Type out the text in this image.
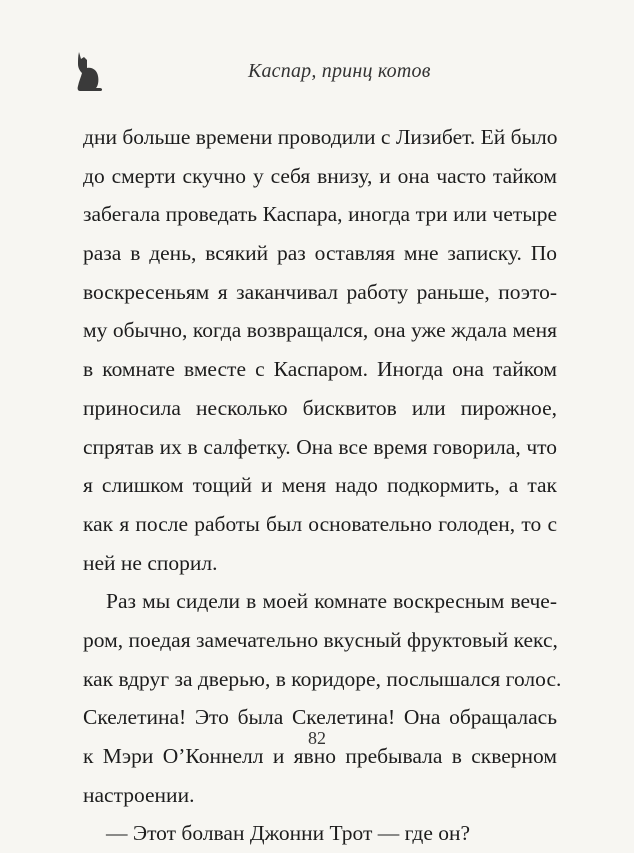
Каспар, принц котов
дни больше времени проводили с Лизибет. Ей было
до смерти скучно у себя внизу, и она часто тайком
забегала проведать Каспара, иногда три или четыре
раза в день, всякий раз оставляя мне записку. По
воскресеньям я заканчивал работу раньше, поэто-
му обычно, когда возвращался, она уже ждала меня
в комнате вместе с Каспаром. Иногда она тайком
приносила несколько бисквитов или пирожное,
спрятав их в салфетку. Она все время говорила, что
я слишком тощий и меня надо подкормить, а так
как я после работы был основательно голоден, то с
ней не спорил.
Раз мы сидели в моей комнате воскресным вече-
ром, поедая замечательно вкусный фруктовый кекс,
как вдруг за дверью, в коридоре, послышался голос.
Скелетина! Это была Скелетина! Она обращалась
к Мэри О’Коннелл и явно пребывала в скверном
настроении.
— Этот болван Джонни Трот — где он?
82
